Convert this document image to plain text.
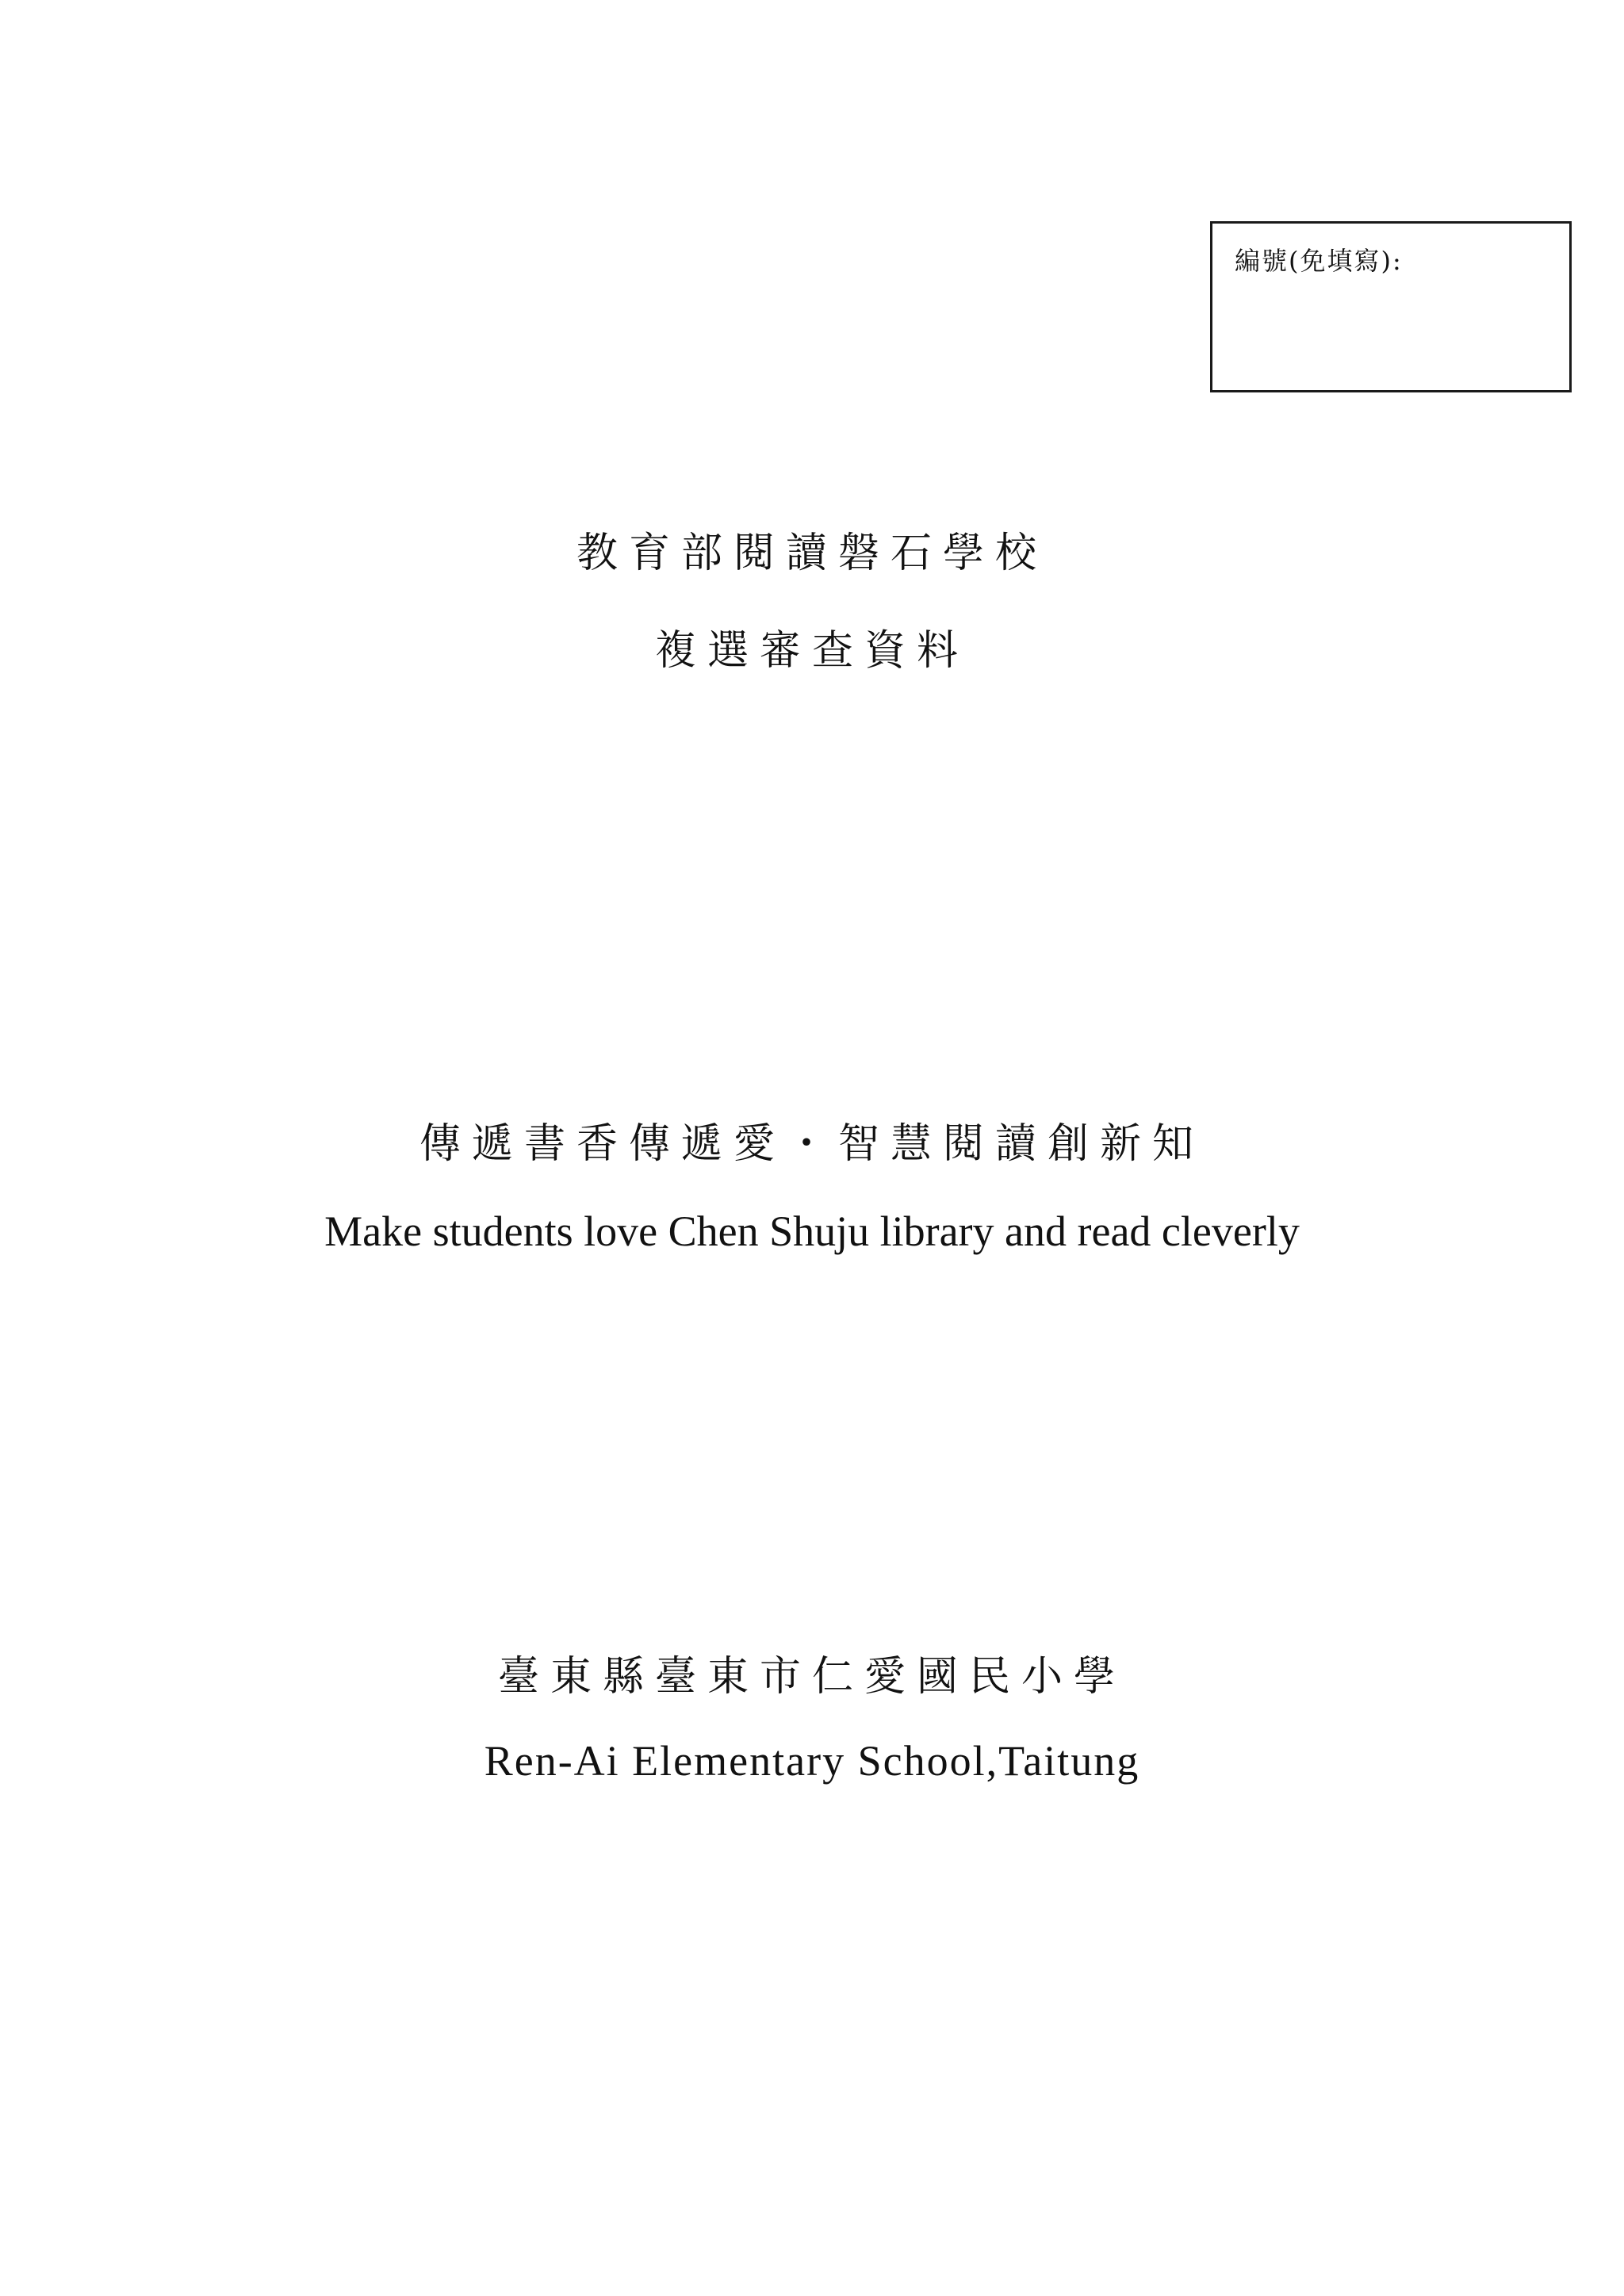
編號(免填寫):
教育部閱讀磐石學校
複選審查資料
傳遞書香傳遞愛・智慧閱讀創新知
Make students love Chen Shuju library and read cleverly
臺東縣臺東市仁愛國民小學
Ren-Ai Elementary School,Taitung
